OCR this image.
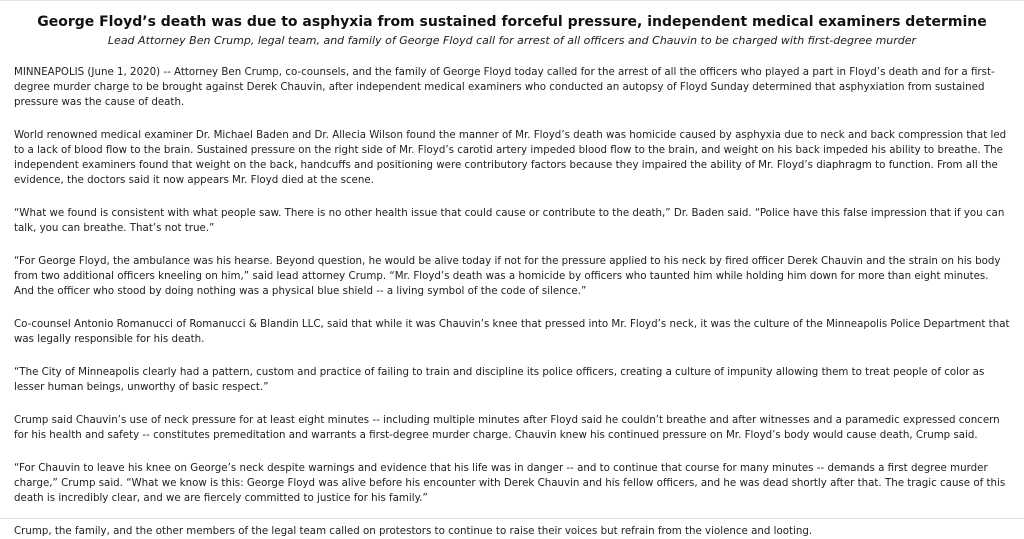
George Floyd’s death was due to asphyxia from sustained forceful pressure, independent medical examiners determine
Lead Attorney Ben Crump, legal team, and family of George Floyd call for arrest of all officers and Chauvin to be charged with first-degree murder

MINNEAPOLIS (June 1, 2020) -- Attorney Ben Crump, co-counsels, and the family of George Floyd today called for the arrest of all the officers who played a part in Floyd’s death and for a first-degree murder charge to be brought against Derek Chauvin, after independent medical examiners who conducted an autopsy of Floyd Sunday determined that asphyxiation from sustained pressure was the cause of death.

World renowned medical examiner Dr. Michael Baden and Dr. Allecia Wilson found the manner of Mr. Floyd’s death was homicide caused by asphyxia due to neck and back compression that led to a lack of blood flow to the brain. Sustained pressure on the right side of Mr. Floyd’s carotid artery impeded blood flow to the brain, and weight on his back impeded his ability to breathe. The independent examiners found that weight on the back, handcuffs and positioning were contributory factors because they impaired the ability of Mr. Floyd’s diaphragm to function. From all the evidence, the doctors said it now appears Mr. Floyd died at the scene.

“What we found is consistent with what people saw. There is no other health issue that could cause or contribute to the death,” Dr. Baden said. “Police have this false impression that if you can talk, you can breathe. That’s not true.”

“For George Floyd, the ambulance was his hearse. Beyond question, he would be alive today if not for the pressure applied to his neck by fired officer Derek Chauvin and the strain on his body from two additional officers kneeling on him,” said lead attorney Crump. “Mr. Floyd’s death was a homicide by officers who taunted him while holding him down for more than eight minutes. And the officer who stood by doing nothing was a physical blue shield -- a living symbol of the code of silence.”

Co-counsel Antonio Romanucci of Romanucci & Blandin LLC, said that while it was Chauvin’s knee that pressed into Mr. Floyd’s neck, it was the culture of the Minneapolis Police Department that was legally responsible for his death.

“The City of Minneapolis clearly had a pattern, custom and practice of failing to train and discipline its police officers, creating a culture of impunity allowing them to treat people of color as lesser human beings, unworthy of basic respect.”

Crump said Chauvin’s use of neck pressure for at least eight minutes -- including multiple minutes after Floyd said he couldn’t breathe and after witnesses and a paramedic expressed concern for his health and safety -- constitutes premeditation and warrants a first-degree murder charge. Chauvin knew his continued pressure on Mr. Floyd’s body would cause death, Crump said.

“For Chauvin to leave his knee on George’s neck despite warnings and evidence that his life was in danger -- and to continue that course for many minutes -- demands a first degree murder charge,” Crump said. “What we know is this: George Floyd was alive before his encounter with Derek Chauvin and his fellow officers, and he was dead shortly after that. The tragic cause of this death is incredibly clear, and we are fiercely committed to justice for his family.”

Crump, the family, and the other members of the legal team called on protestors to continue to raise their voices but refrain from the violence and looting.
